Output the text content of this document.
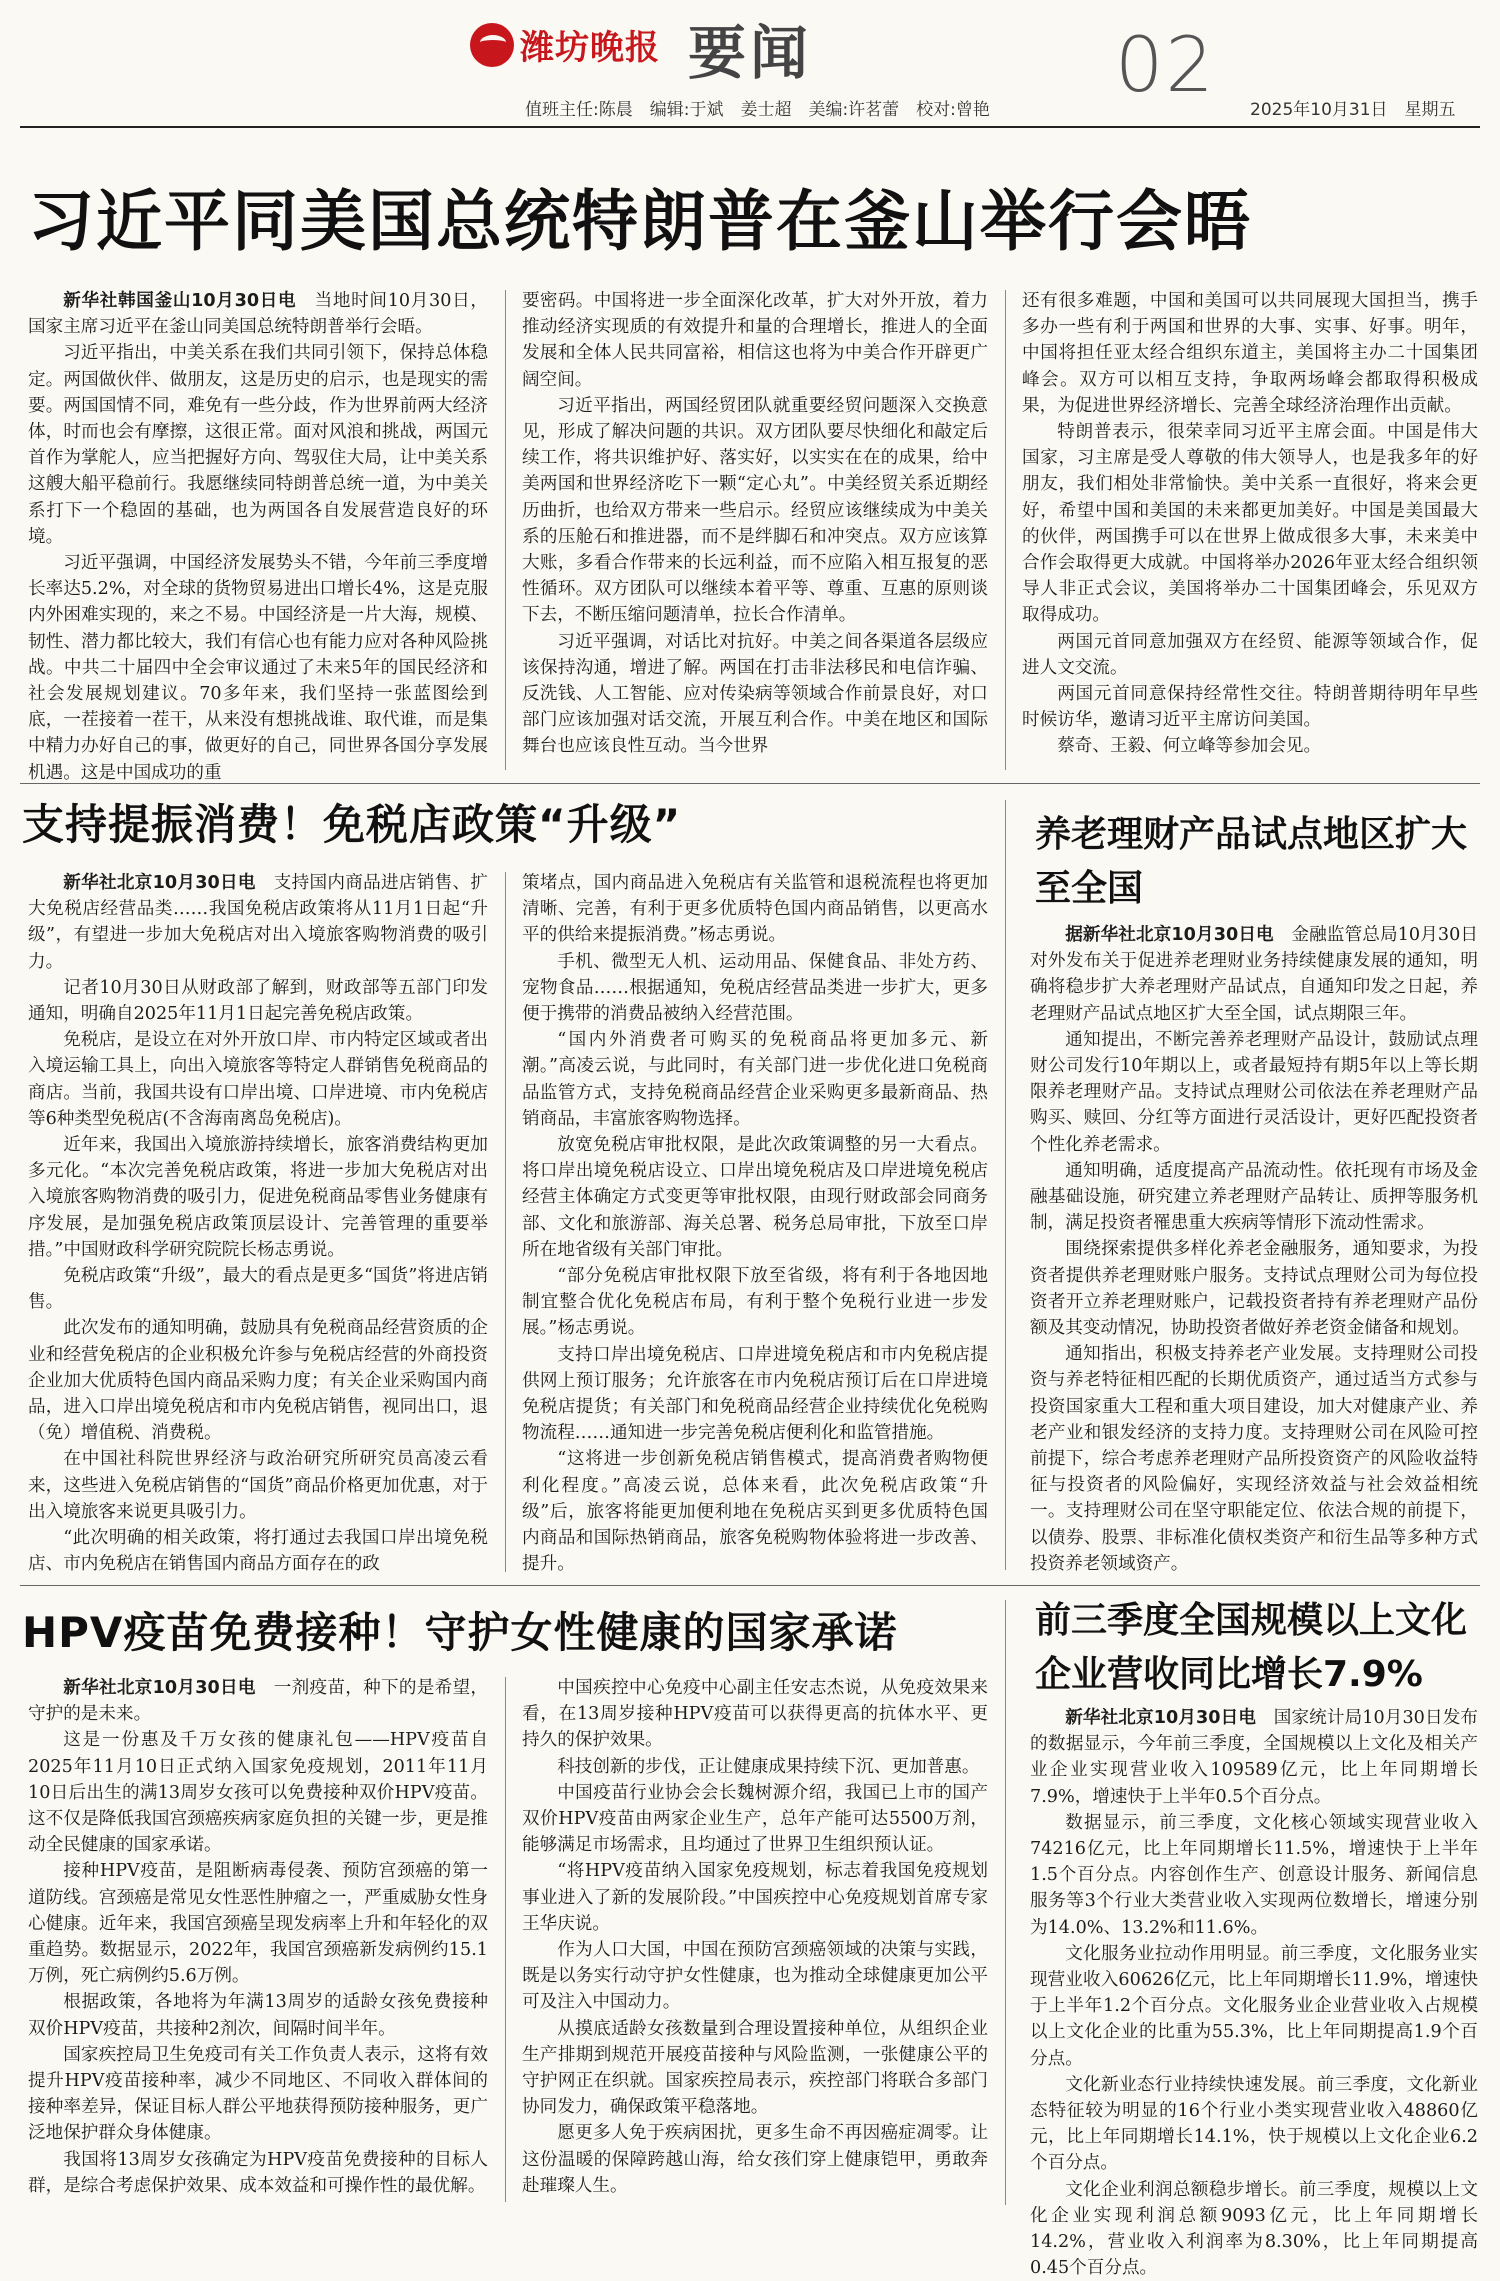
潍坊晚报 要闻	02
值班主任:陈晨　编辑:于斌　姜士超　美编:许茗蕾　校对:曾艳	2025年10月31日　星期五
习近平同美国总统特朗普在釜山举行会晤

新华社韩国釜山10月30日电　 当地时间10月30日，国家主席习近平在釜山同美国总统特朗普举行会晤。

习近平指出，中美关系在我们共同引领下，保持总体稳定。两国做伙伴、做朋友，这是历史的启示，也是现实的需要。两国国情不同，难免有一些分歧，作为世界前两大经济体，时而也会有摩擦，这很正常。面对风浪和挑战，两国元首作为掌舵人，应当把握好方向、驾驭住大局，让中美关系这艘大船平稳前行。我愿继续同特朗普总统一道，为中美关系打下一个稳固的基础，也为两国各自发展营造良好的环境。

习近平强调，中国经济发展势头不错，今年前三季度增长率达5.2%，对全球的货物贸易进出口增长4%，这是克服内外困难实现的，来之不易。中国经济是一片大海，规模、韧性、潜力都比较大，我们有信心也有能力应对各种风险挑战。中共二十届四中全会审议通过了未来5年的国民经济和社会发展规划建议。70多年来，我们坚持一张蓝图绘到底，一茬接着一茬干，从来没有想挑战谁、取代谁，而是集中精力办好自己的事，做更好的自己，同世界各国分享发展机遇。这是中国成功的重

要密码。中国将进一步全面深化改革，扩大对外开放，着力推动经济实现质的有效提升和量的合理增长，推进人的全面发展和全体人民共同富裕，相信这也将为中美合作开辟更广阔空间。

习近平指出，两国经贸团队就重要经贸问题深入交换意见，形成了解决问题的共识。双方团队要尽快细化和敲定后续工作，将共识维护好、落实好，以实实在在的成果，给中美两国和世界经济吃下一颗“定心丸”。中美经贸关系近期经历曲折，也给双方带来一些启示。经贸应该继续成为中美关系的压舱石和推进器，而不是绊脚石和冲突点。双方应该算大账，多看合作带来的长远利益，而不应陷入相互报复的恶性循环。双方团队可以继续本着平等、尊重、互惠的原则谈下去，不断压缩问题清单，拉长合作清单。

习近平强调，对话比对抗好。中美之间各渠道各层级应该保持沟通，增进了解。两国在打击非法移民和电信诈骗、反洗钱、人工智能、应对传染病等领域合作前景良好，对口部门应该加强对话交流，开展互利合作。中美在地区和国际舞台也应该良性互动。当今世界

还有很多难题，中国和美国可以共同展现大国担当，携手多办一些有利于两国和世界的大事、实事、好事。明年，中国将担任亚太经合组织东道主，美国将主办二十国集团峰会。双方可以相互支持，争取两场峰会都取得积极成果，为促进世界经济增长、完善全球经济治理作出贡献。

特朗普表示，很荣幸同习近平主席会面。中国是伟大国家，习主席是受人尊敬的伟大领导人，也是我多年的好朋友，我们相处非常愉快。美中关系一直很好，将来会更好，希望中国和美国的未来都更加美好。中国是美国最大的伙伴，两国携手可以在世界上做成很多大事，未来美中合作会取得更大成就。中国将举办2026年亚太经合组织领导人非正式会议，美国将举办二十国集团峰会，乐见双方取得成功。

两国元首同意加强双方在经贸、能源等领域合作，促进人文交流。

两国元首同意保持经常性交往。特朗普期待明年早些时候访华，邀请习近平主席访问美国。

蔡奇、王毅、何立峰等参加会见。

支持提振消费！免税店政策“升级”

新华社北京10月30日电　 支持国内商品进店销售、扩大免税店经营品类……我国免税店政策将从11月1日起“升级”，有望进一步加大免税店对出入境旅客购物消费的吸引力。

记者10月30日从财政部了解到，财政部等五部门印发通知，明确自2025年11月1日起完善免税店政策。

免税店，是设立在对外开放口岸、市内特定区域或者出入境运输工具上，向出入境旅客等特定人群销售免税商品的商店。当前，我国共设有口岸出境、口岸进境、市内免税店等6种类型免税店(不含海南离岛免税店)。

近年来，我国出入境旅游持续增长，旅客消费结构更加多元化。“本次完善免税店政策，将进一步加大免税店对出入境旅客购物消费的吸引力，促进免税商品零售业务健康有序发展，是加强免税店政策顶层设计、完善管理的重要举措。”中国财政科学研究院院长杨志勇说。

免税店政策“升级”，最大的看点是更多“国货”将进店销售。

此次发布的通知明确，鼓励具有免税商品经营资质的企业和经营免税店的企业积极允许参与免税店经营的外商投资企业加大优质特色国内商品采购力度；有关企业采购国内商品，进入口岸出境免税店和市内免税店销售，视同出口，退（免）增值税、消费税。

在中国社科院世界经济与政治研究所研究员高凌云看来，这些进入免税店销售的“国货”商品价格更加优惠，对于出入境旅客来说更具吸引力。

“此次明确的相关政策，将打通过去我国口岸出境免税店、市内免税店在销售国内商品方面存在的政

策堵点，国内商品进入免税店有关监管和退税流程也将更加清晰、完善，有利于更多优质特色国内商品销售，以更高水平的供给来提振消费。”杨志勇说。

手机、微型无人机、运动用品、保健食品、非处方药、宠物食品……根据通知，免税店经营品类进一步扩大，更多便于携带的消费品被纳入经营范围。

“国内外消费者可购买的免税商品将更加多元、新潮。”高凌云说，与此同时，有关部门进一步优化进口免税商品监管方式，支持免税商品经营企业采购更多最新商品、热销商品，丰富旅客购物选择。

放宽免税店审批权限，是此次政策调整的另一大看点。将口岸出境免税店设立、口岸出境免税店及口岸进境免税店经营主体确定方式变更等审批权限，由现行财政部会同商务部、文化和旅游部、海关总署、税务总局审批，下放至口岸所在地省级有关部门审批。

“部分免税店审批权限下放至省级，将有利于各地因地制宜整合优化免税店布局，有利于整个免税行业进一步发展。”杨志勇说。

支持口岸出境免税店、口岸进境免税店和市内免税店提供网上预订服务；允许旅客在市内免税店预订后在口岸进境免税店提货；有关部门和免税商品经营企业持续优化免税购物流程……通知进一步完善免税店便利化和监管措施。

“这将进一步创新免税店销售模式，提高消费者购物便利化程度。”高凌云说，总体来看，此次免税店政策“升级”后，旅客将能更加便利地在免税店买到更多优质特色国内商品和国际热销商品，旅客免税购物体验将进一步改善、提升。

养老理财产品试点地区扩大至全国

据新华社北京10月30日电　 金融监管总局10月30日对外发布关于促进养老理财业务持续健康发展的通知，明确将稳步扩大养老理财产品试点，自通知印发之日起，养老理财产品试点地区扩大至全国，试点期限三年。

通知提出，不断完善养老理财产品设计，鼓励试点理财公司发行10年期以上，或者最短持有期5年以上等长期限养老理财产品。支持试点理财公司依法在养老理财产品购买、赎回、分红等方面进行灵活设计，更好匹配投资者个性化养老需求。

通知明确，适度提高产品流动性。依托现有市场及金融基础设施，研究建立养老理财产品转让、质押等服务机制，满足投资者罹患重大疾病等情形下流动性需求。

围绕探索提供多样化养老金融服务，通知要求，为投资者提供养老理财账户服务。支持试点理财公司为每位投资者开立养老理财账户，记载投资者持有养老理财产品份额及其变动情况，协助投资者做好养老资金储备和规划。

通知指出，积极支持养老产业发展。支持理财公司投资与养老特征相匹配的长期优质资产，通过适当方式参与投资国家重大工程和重大项目建设，加大对健康产业、养老产业和银发经济的支持力度。支持理财公司在风险可控前提下，综合考虑养老理财产品所投资资产的风险收益特征与投资者的风险偏好，实现经济效益与社会效益相统一。支持理财公司在坚守职能定位、依法合规的前提下，以债券、股票、非标准化债权类资产和衍生品等多种方式投资养老领域资产。

HPV疫苗免费接种！守护女性健康的国家承诺

新华社北京10月30日电　 一剂疫苗，种下的是希望，守护的是未来。

这是一份惠及千万女孩的健康礼包——HPV疫苗自2025年11月10日正式纳入国家免疫规划，2011年11月10日后出生的满13周岁女孩可以免费接种双价HPV疫苗。这不仅是降低我国宫颈癌疾病家庭负担的关键一步，更是推动全民健康的国家承诺。

接种HPV疫苗，是阻断病毒侵袭、预防宫颈癌的第一道防线。宫颈癌是常见女性恶性肿瘤之一，严重威胁女性身心健康。近年来，我国宫颈癌呈现发病率上升和年轻化的双重趋势。数据显示，2022年，我国宫颈癌新发病例约15.1万例，死亡病例约5.6万例。

根据政策，各地将为年满13周岁的适龄女孩免费接种双价HPV疫苗，共接种2剂次，间隔时间半年。

国家疾控局卫生免疫司有关工作负责人表示，这将有效提升HPV疫苗接种率，减少不同地区、不同收入群体间的接种率差异，保证目标人群公平地获得预防接种服务，更广泛地保护群众身体健康。

我国将13周岁女孩确定为HPV疫苗免费接种的目标人群，是综合考虑保护效果、成本效益和可操作性的最优解。

中国疾控中心免疫中心副主任安志杰说，从免疫效果来看，在13周岁接种HPV疫苗可以获得更高的抗体水平、更持久的保护效果。

科技创新的步伐，正让健康成果持续下沉、更加普惠。

中国疫苗行业协会会长魏树源介绍，我国已上市的国产双价HPV疫苗由两家企业生产，总年产能可达5500万剂，能够满足市场需求，且均通过了世界卫生组织预认证。

“将HPV疫苗纳入国家免疫规划，标志着我国免疫规划事业进入了新的发展阶段。”中国疾控中心免疫规划首席专家王华庆说。

作为人口大国，中国在预防宫颈癌领域的决策与实践，既是以务实行动守护女性健康，也为推动全球健康更加公平可及注入中国动力。

从摸底适龄女孩数量到合理设置接种单位，从组织企业生产排期到规范开展疫苗接种与风险监测，一张健康公平的守护网正在织就。国家疾控局表示，疾控部门将联合多部门协同发力，确保政策平稳落地。

愿更多人免于疾病困扰，更多生命不再因癌症凋零。让这份温暖的保障跨越山海，给女孩们穿上健康铠甲，勇敢奔赴璀璨人生。

前三季度全国规模以上文化企业营收同比增长7.9%

新华社北京10月30日电　 国家统计局10月30日发布的数据显示，今年前三季度，全国规模以上文化及相关产业企业实现营业收入109589亿元，比上年同期增长7.9%，增速快于上半年0.5个百分点。

数据显示，前三季度，文化核心领域实现营业收入74216亿元，比上年同期增长11.5%，增速快于上半年1.5个百分点。内容创作生产、创意设计服务、新闻信息服务等3个行业大类营业收入实现两位数增长，增速分别为14.0%、13.2%和11.6%。

文化服务业拉动作用明显。前三季度，文化服务业实现营业收入60626亿元，比上年同期增长11.9%，增速快于上半年1.2个百分点。文化服务业企业营业收入占规模以上文化企业的比重为55.3%，比上年同期提高1.9个百分点。

文化新业态行业持续快速发展。前三季度，文化新业态特征较为明显的16个行业小类实现营业收入48860亿元，比上年同期增长14.1%，快于规模以上文化企业6.2个百分点。

文化企业利润总额稳步增长。前三季度，规模以上文化企业实现利润总额9093亿元，比上年同期增长14.2%，营业收入利润率为8.30%，比上年同期提高0.45个百分点。
